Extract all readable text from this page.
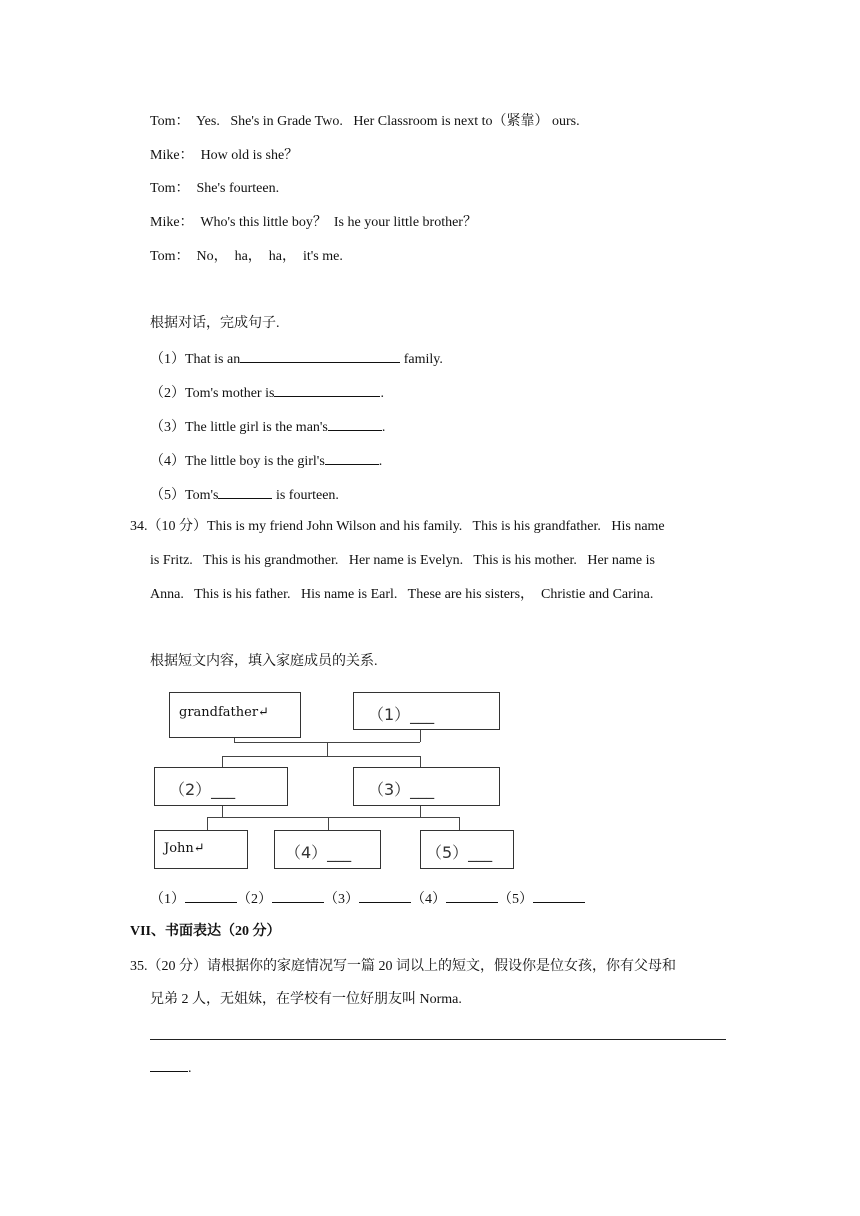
Tom： Yes.   She's in Grade Two.   Her Classroom is next to（紧靠） ours.
Mike： How old is she？
Tom： She's fourteen.
Mike： Who's this little boy？  Is he your little brother？
Tom： No，  ha，  ha，  it's me.
根据对话，完成句子.
（1）That is an	family.
（2）Tom's mother is	.
（3）The little girl is the man's	.
（4）The little boy is the girl's	.
（5）Tom's	is fourteen.
34.（10 分）This is my friend John Wilson and his family.   This is his grandfather.   His name
is Fritz.   This is his grandmother.   Her name is Evelyn.   This is his mother.   Her name is
Anna.   This is his father.   His name is Earl.   These are his sisters，  Christie and Carina.
根据短文内容，填入家庭成员的关系.
grandfather↵	（1）___
（2）___	（3）___
John↵	（4）___	（5）___
（1）	（2）	（3）	（4）	（5）
VII、书面表达（20 分）
35.（20 分）请根据你的家庭情况写一篇 20 词以上的短文，假设你是位女孩，你有父母和
兄弟 2 人，无姐妹，在学校有一位好朋友叫 Norma.
.
